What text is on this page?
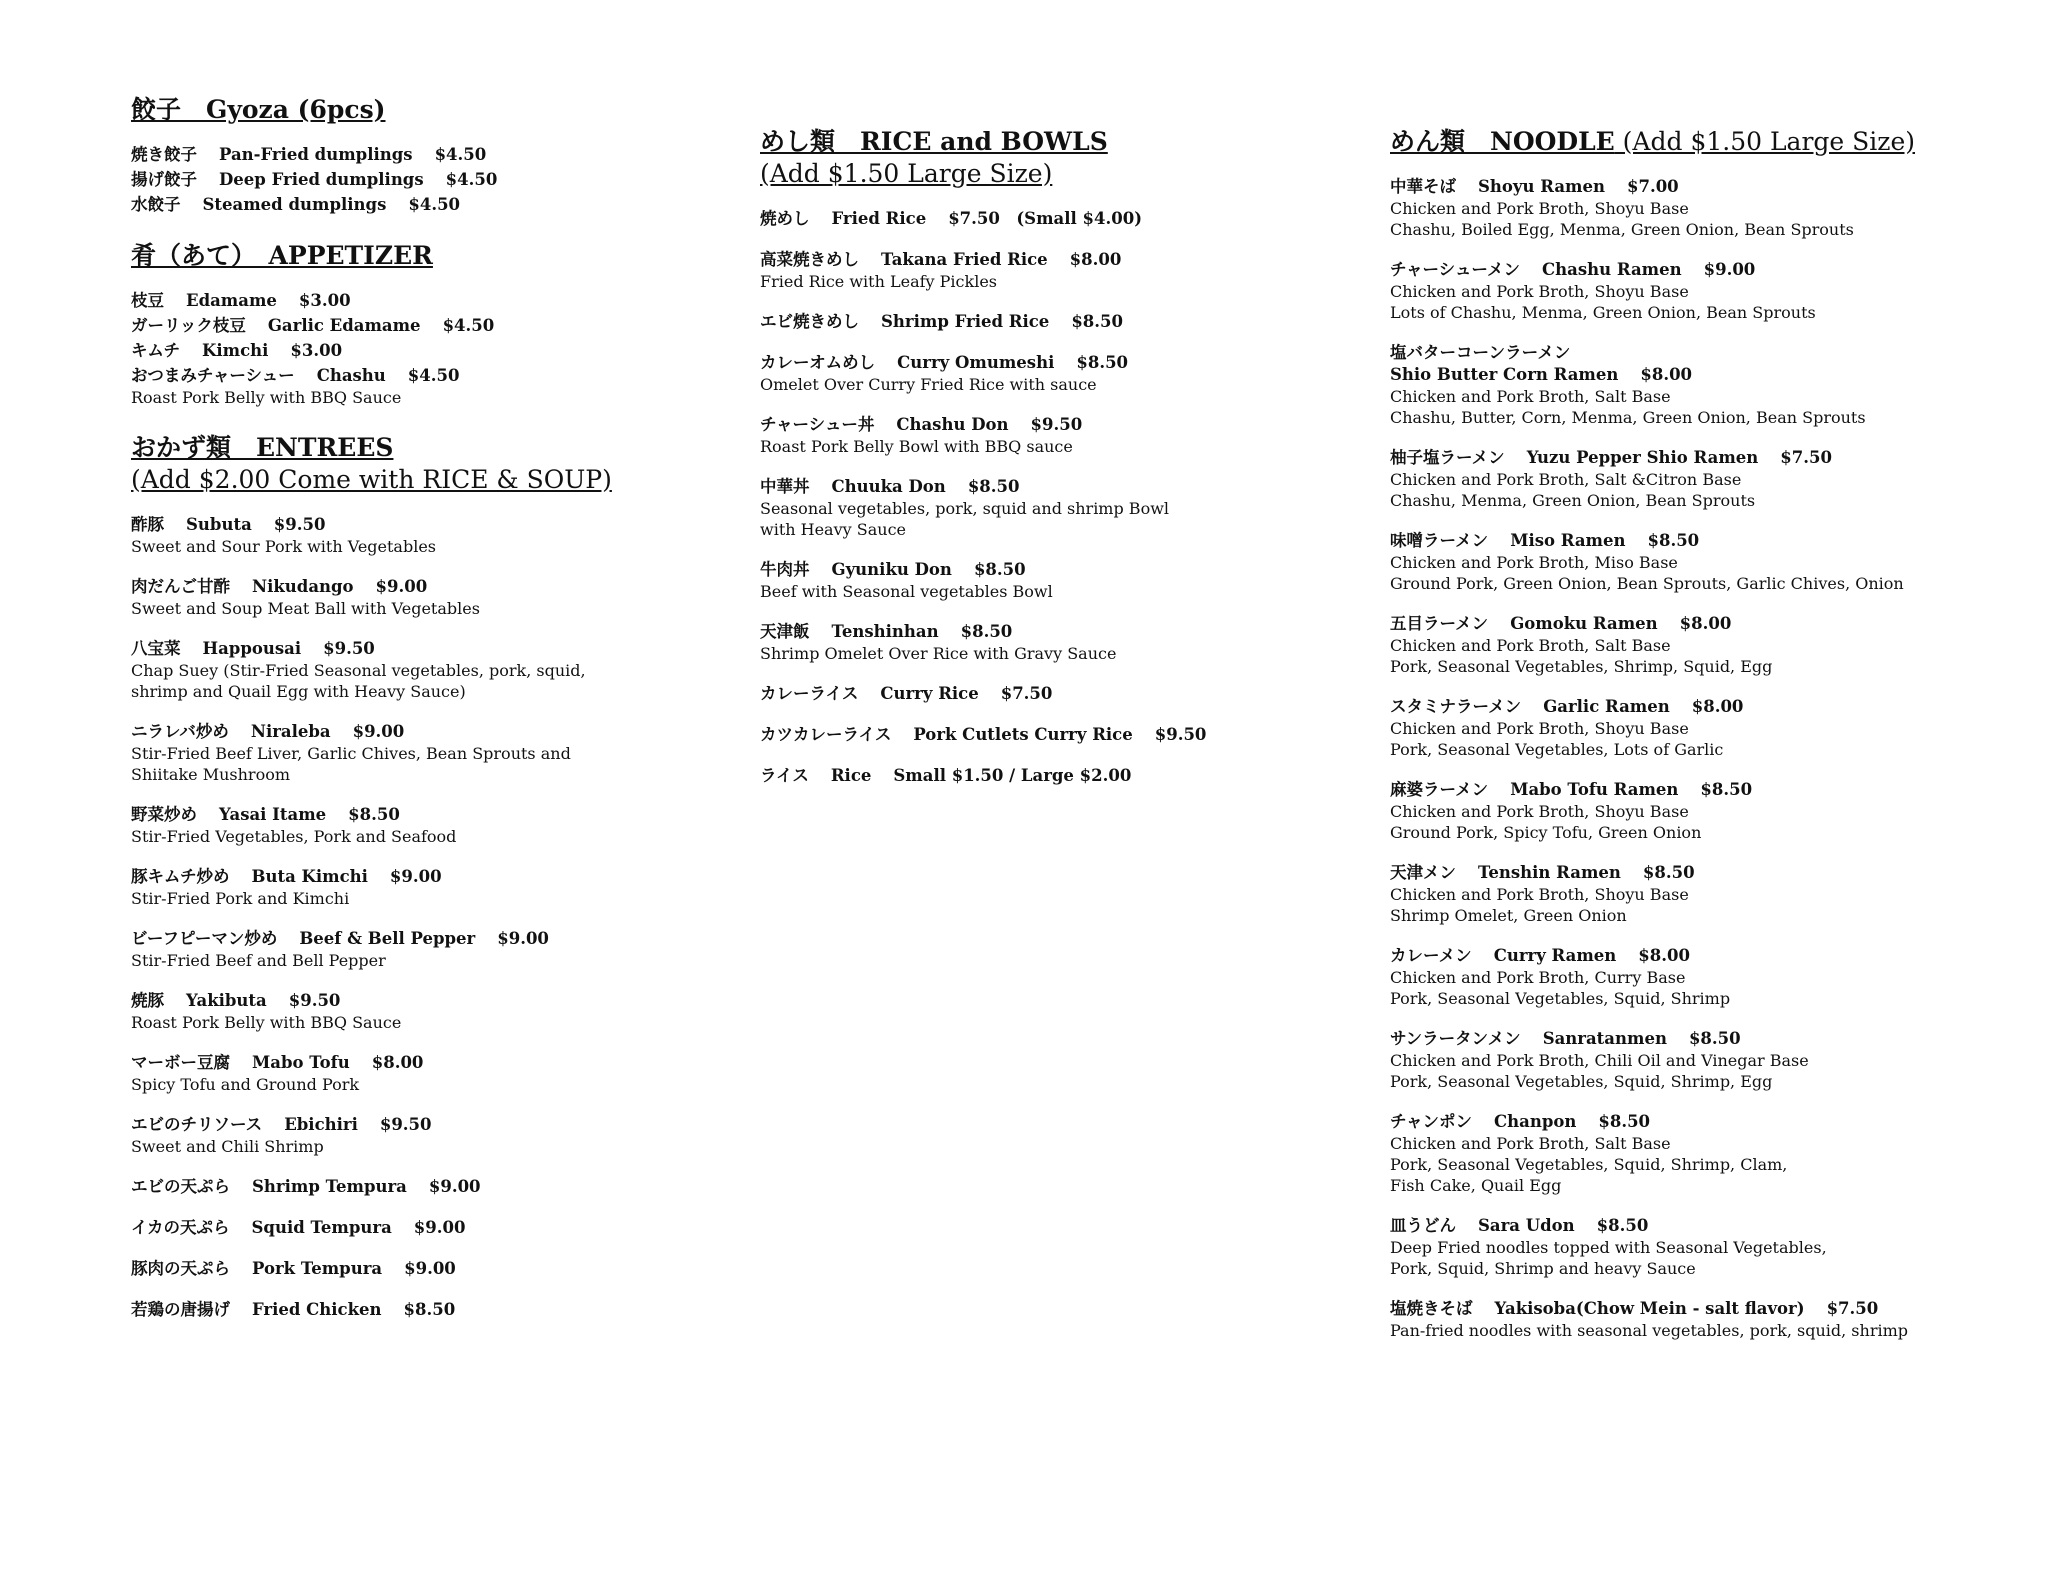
餃子　Gyoza (6pcs)
焼き餃子 Pan-Fried dumplings $4.50
揚げ餃子 Deep Fried dumplings $4.50
水餃子 Steamed dumplings $4.50
肴（あて）　APPETIZER
枝豆 Edamame $3.00
ガーリック枝豆 Garlic Edamame $4.50
キムチ Kimchi $3.00
おつまみチャーシュー Chashu $4.50
Roast Pork Belly with BBQ Sauce
おかず類　ENTREES
(Add $2.00 Come with RICE & SOUP)
酢豚 Subuta $9.50
Sweet and Sour Pork with Vegetables
肉だんご甘酢 Nikudango $9.00
Sweet and Soup Meat Ball with Vegetables
八宝菜 Happousai $9.50
Chap Suey (Stir-Fried Seasonal vegetables, pork, squid,
shrimp and Quail Egg with Heavy Sauce)
ニラレバ炒め Niraleba $9.00
Stir-Fried Beef Liver, Garlic Chives, Bean Sprouts and
Shiitake Mushroom
野菜炒め Yasai Itame $8.50
Stir-Fried Vegetables, Pork and Seafood
豚キムチ炒め Buta Kimchi $9.00
Stir-Fried Pork and Kimchi
ビーフピーマン炒め Beef & Bell Pepper $9.00
Stir-Fried Beef and Bell Pepper
焼豚 Yakibuta $9.50
Roast Pork Belly with BBQ Sauce
マーボー豆腐 Mabo Tofu $8.00
Spicy Tofu and Ground Pork
エビのチリソース Ebichiri $9.50
Sweet and Chili Shrimp
エビの天ぷら Shrimp Tempura $9.00
イカの天ぷら Squid Tempura $9.00
豚肉の天ぷら Pork Tempura $9.00
若鶏の唐揚げ Fried Chicken $8.50
めし類　RICE and BOWLS
(Add $1.50 Large Size)
焼めし Fried Rice $7.50　(Small $4.00)
高菜焼きめし Takana Fried Rice $8.00
Fried Rice with Leafy Pickles
エビ焼きめし Shrimp Fried Rice $8.50
カレーオムめし Curry Omumeshi $8.50
Omelet Over Curry Fried Rice with sauce
チャーシュー丼 Chashu Don $9.50
Roast Pork Belly Bowl with BBQ sauce
中華丼 Chuuka Don $8.50
Seasonal vegetables, pork, squid and shrimp Bowl
with Heavy Sauce
牛肉丼 Gyuniku Don $8.50
Beef with Seasonal vegetables Bowl
天津飯 Tenshinhan $8.50
Shrimp Omelet Over Rice with Gravy Sauce
カレーライス Curry Rice $7.50
カツカレーライス Pork Cutlets Curry Rice $9.50
ライス Rice Small $1.50 / Large $2.00
めん類　NOODLE (Add $1.50 Large Size)
中華そば Shoyu Ramen $7.00
Chicken and Pork Broth, Shoyu Base
Chashu, Boiled Egg, Menma, Green Onion, Bean Sprouts
チャーシューメン Chashu Ramen $9.00
Chicken and Pork Broth, Shoyu Base
Lots of Chashu, Menma, Green Onion, Bean Sprouts
塩バターコーンラーメン
Shio Butter Corn Ramen $8.00
Chicken and Pork Broth, Salt Base
Chashu, Butter, Corn, Menma, Green Onion, Bean Sprouts
柚子塩ラーメン Yuzu Pepper Shio Ramen $7.50
Chicken and Pork Broth, Salt &Citron Base
Chashu, Menma, Green Onion, Bean Sprouts
味噌ラーメン Miso Ramen $8.50
Chicken and Pork Broth, Miso Base
Ground Pork, Green Onion, Bean Sprouts, Garlic Chives, Onion
五目ラーメン Gomoku Ramen $8.00
Chicken and Pork Broth, Salt Base
Pork, Seasonal Vegetables, Shrimp, Squid, Egg
スタミナラーメン Garlic Ramen $8.00
Chicken and Pork Broth, Shoyu Base
Pork, Seasonal Vegetables, Lots of Garlic
麻婆ラーメン Mabo Tofu Ramen $8.50
Chicken and Pork Broth, Shoyu Base
Ground Pork, Spicy Tofu, Green Onion
天津メン Tenshin Ramen $8.50
Chicken and Pork Broth, Shoyu Base
Shrimp Omelet, Green Onion
カレーメン Curry Ramen $8.00
Chicken and Pork Broth, Curry Base
Pork, Seasonal Vegetables, Squid, Shrimp
サンラータンメン Sanratanmen $8.50
Chicken and Pork Broth, Chili Oil and Vinegar Base
Pork, Seasonal Vegetables, Squid, Shrimp, Egg
チャンポン Chanpon $8.50
Chicken and Pork Broth, Salt Base
Pork, Seasonal Vegetables, Squid, Shrimp, Clam,
Fish Cake, Quail Egg
皿うどん Sara Udon $8.50
Deep Fried noodles topped with Seasonal Vegetables,
Pork, Squid, Shrimp and heavy Sauce
塩焼きそば Yakisoba(Chow Mein - salt flavor) $7.50
Pan-fried noodles with seasonal vegetables, pork, squid, shrimp
